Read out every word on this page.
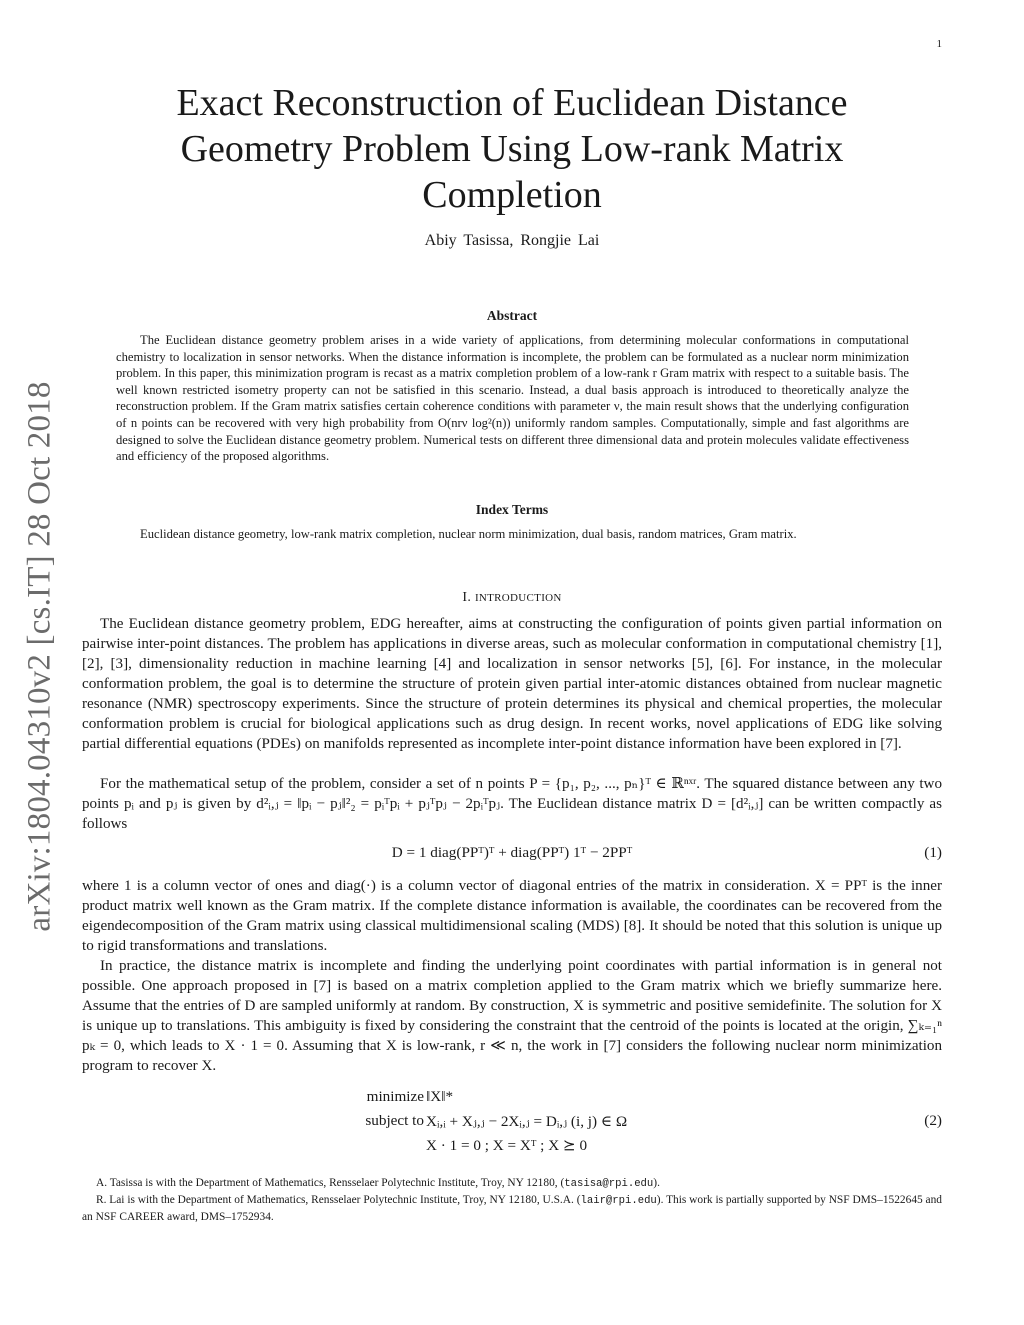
1
arXiv:1804.04310v2 [cs.IT] 28 Oct 2018
Exact Reconstruction of Euclidean Distance
Geometry Problem Using Low-rank Matrix
Completion
Abiy Tasissa, Rongjie Lai
Abstract

The Euclidean distance geometry problem arises in a wide variety of applications, from determining molecular conformations in computational chemistry to localization in sensor networks. When the distance information is incomplete, the problem can be formulated as a nuclear norm minimization problem. In this paper, this minimization program is recast as a matrix completion problem of a low-rank r Gram matrix with respect to a suitable basis. The well known restricted isometry property can not be satisfied in this scenario. Instead, a dual basis approach is introduced to theoretically analyze the reconstruction problem. If the Gram matrix satisfies certain coherence conditions with parameter ν, the main result shows that the underlying configuration of n points can be recovered with very high probability from O(nrν log²(n)) uniformly random samples. Computationally, simple and fast algorithms are designed to solve the Euclidean distance geometry problem. Numerical tests on different three dimensional data and protein molecules validate effectiveness and efficiency of the proposed algorithms.

Index Terms

Euclidean distance geometry, low-rank matrix completion, nuclear norm minimization, dual basis, random matrices, Gram matrix.

I. INTRODUCTION

The Euclidean distance geometry problem, EDG hereafter, aims at constructing the configuration of points given partial information on pairwise inter-point distances. The problem has applications in diverse areas, such as molecular conformation in computational chemistry [1], [2], [3], dimensionality reduction in machine learning [4] and localization in sensor networks [5], [6]. For instance, in the molecular conformation problem, the goal is to determine the structure of protein given partial inter-atomic distances obtained from nuclear magnetic resonance (NMR) spectroscopy experiments. Since the structure of protein determines its physical and chemical properties, the molecular conformation problem is crucial for biological applications such as drug design. In recent works, novel applications of EDG like solving partial differential equations (PDEs) on manifolds represented as incomplete inter-point distance information have been explored in [7].

For the mathematical setup of the problem, consider a set of n points P = {p₁, p₂, ..., pₙ}ᵀ ∈ ℝⁿˣʳ. The squared distance between any two points pᵢ and pⱼ is given by d²ᵢ,ⱼ = ‖pᵢ − pⱼ‖²₂ = pᵢᵀpᵢ + pⱼᵀpⱼ − 2pᵢᵀpⱼ. The Euclidean distance matrix D = [d²ᵢ,ⱼ] can be written compactly as follows

D = 1 diag(PPᵀ)ᵀ + diag(PPᵀ) 1ᵀ − 2PPᵀ	(1)

where 1 is a column vector of ones and diag(·) is a column vector of diagonal entries of the matrix in consideration. X = PPᵀ is the inner product matrix well known as the Gram matrix. If the complete distance information is available, the coordinates can be recovered from the eigendecomposition of the Gram matrix using classical multidimensional scaling (MDS) [8]. It should be noted that this solution is unique up to rigid transformations and translations.

In practice, the distance matrix is incomplete and finding the underlying point coordinates with partial information is in general not possible. One approach proposed in [7] is based on a matrix completion applied to the Gram matrix which we briefly summarize here. Assume that the entries of D are sampled uniformly at random. By construction, X is symmetric and positive semidefinite. The solution for X is unique up to translations. This ambiguity is fixed by considering the constraint that the centroid of the points is located at the origin, ∑ₖ₌₁ⁿ pₖ = 0, which leads to X · 1 = 0. Assuming that X is low-rank, r ≪ n, the work in [7] considers the following nuclear norm minimization program to recover X.

minimize ‖X‖*
subject to Xᵢ,ᵢ + Xⱼ,ⱼ − 2Xᵢ,ⱼ = Dᵢ,ⱼ (i, j) ∈ Ω
X · 1 = 0 ; X = Xᵀ ; X ⪰ 0
(2)

A. Tasissa is with the Department of Mathematics, Rensselaer Polytechnic Institute, Troy, NY 12180, (tasisa@rpi.edu).

R. Lai is with the Department of Mathematics, Rensselaer Polytechnic Institute, Troy, NY 12180, U.S.A. (lair@rpi.edu). This work is partially supported by NSF DMS–1522645 and an NSF CAREER award, DMS–1752934.
